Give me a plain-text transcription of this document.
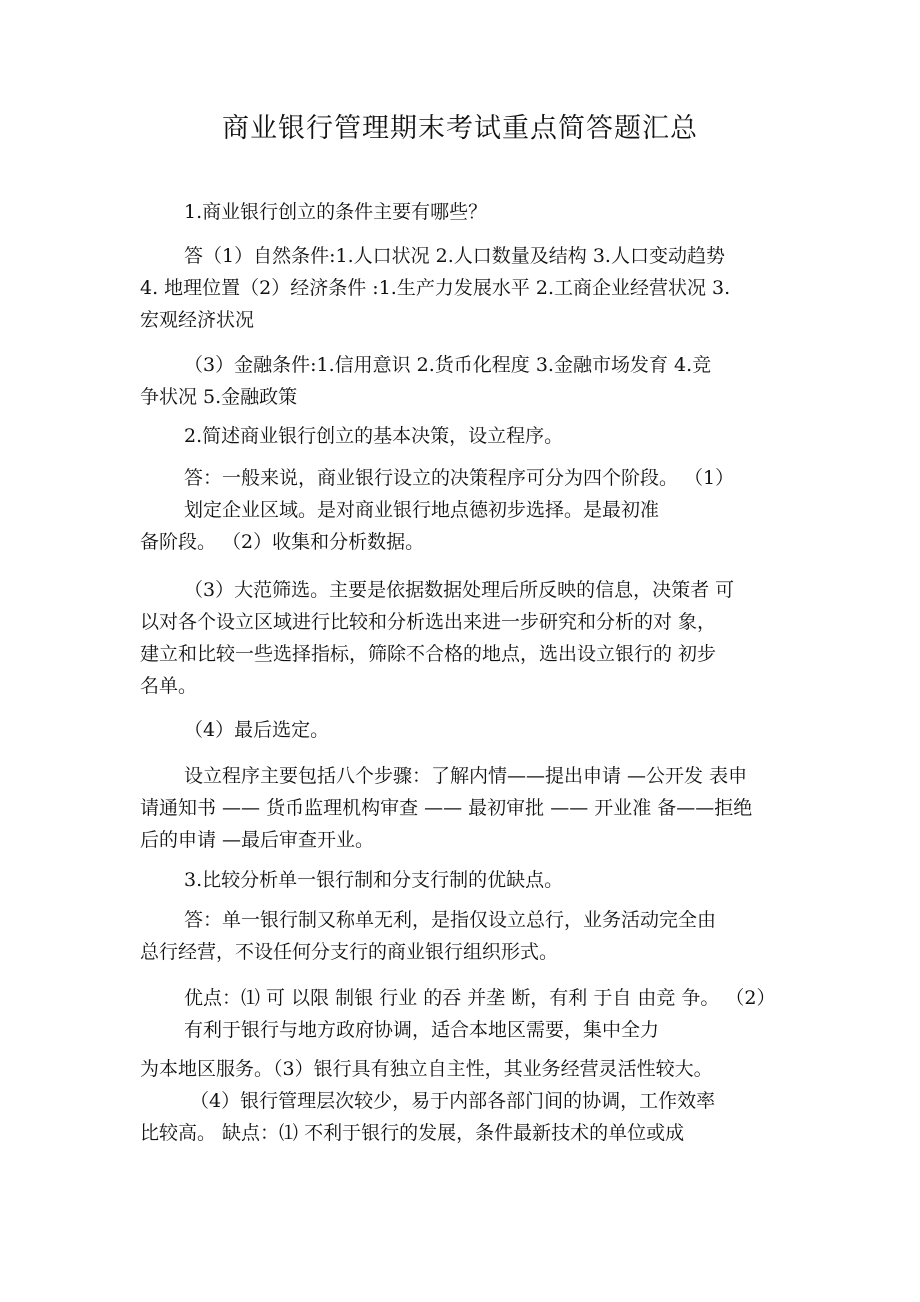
商业银行管理期末考试重点简答题汇总

1.商业银行创立的条件主要有哪些？

答（1）自然条件:1.人口状况 2.人口数量及结构 3.人口变动趋势
4. 地理位置（2）经济条件 :1.生产力发展水平 2.工商企业经营状况 3.
宏观经济状况
（3）金融条件:1.信用意识 2.货币化程度 3.金融市场发育 4.竞
争状况 5.金融政策

2.简述商业银行创立的基本决策，设立程序。

答：一般来说，商业银行设立的决策程序可分为四个阶段。 （1）
划定企业区域。是对商业银行地点德初步选择。是最初准
备阶段。 （2）收集和分析数据。
（3）大范筛选。主要是依据数据处理后所反映的信息，决策者 可
以对各个设立区域进行比较和分析选出来进一步研究和分析的对 象，
建立和比较一些选择指标，筛除不合格的地点，选出设立银行的 初步
名单。

（4）最后选定。

设立程序主要包括八个步骤：了解内情——提出申请 —公开发 表申
请通知书 —— 货币监理机构审查 —— 最初审批 —— 开业准 备——拒绝
后的申请 —最后审查开业。

3.比较分析单一银行制和分支行制的优缺点。

答：单一银行制又称单无利，是指仅设立总行，业务活动完全由
总行经营，不设任何分支行的商业银行组织形式。
优点：⑴ 可 以限 制银 行业 的吞 并垄 断，有利 于自 由竞 争。 （2）
有利于银行与地方政府协调，适合本地区需要，集中全力
为本地区服务。（3）银行具有独立自主性，其业务经营灵活性较大。
（4）银行管理层次较少，易于内部各部门间的协调，工作效率
比较高。 缺点：⑴ 不利于银行的发展，条件最新技术的单位或成
